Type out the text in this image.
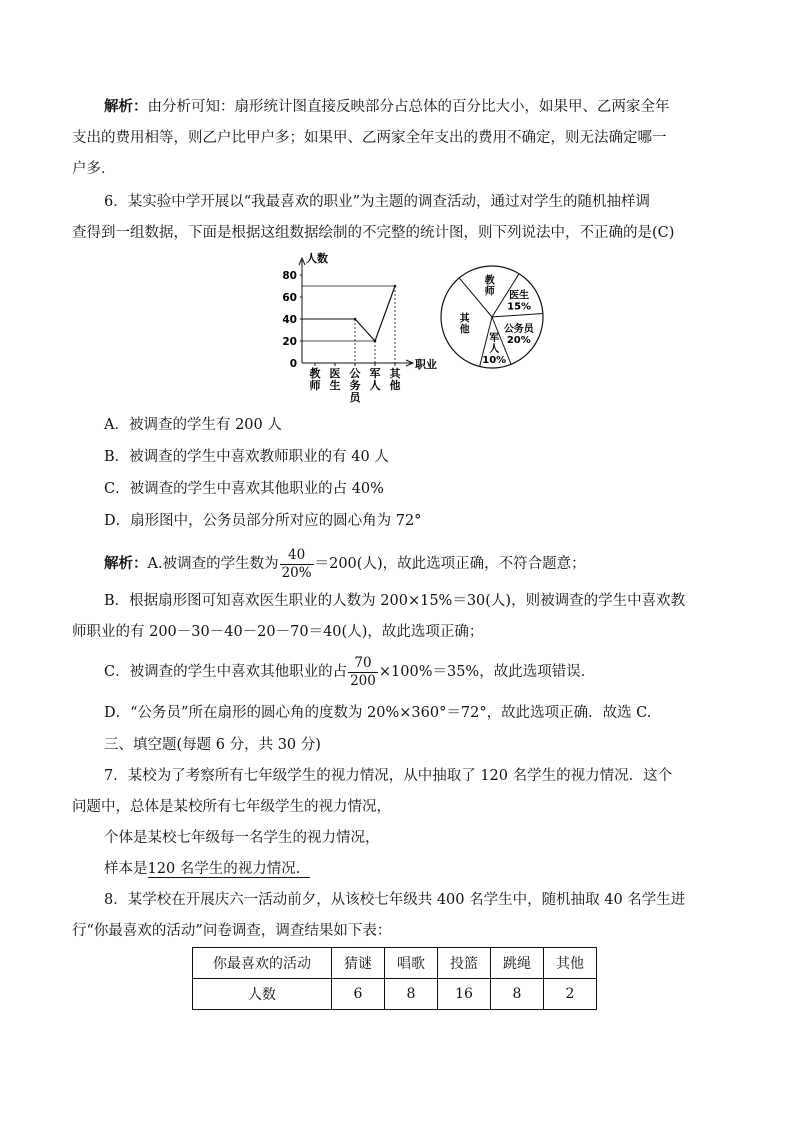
解析：由分析可知：扇形统计图直接反映部分占总体的百分比大小，如果甲、乙两家全年
支出的费用相等，则乙户比甲户多；如果甲、乙两家全年支出的费用不确定，则无法确定哪一
户多．
6．某实验中学开展以“我最喜欢的职业”为主题的调查活动，通过对学生的随机抽样调
查得到一组数据，下面是根据这组数据绘制的不完整的统计图，则下列说法中，不正确的是(C)
人数
职业
0
20
40
60
80
教
师
医
生
公
务
员
军
人
其
他
教
师 医生
15%
公务员
20%
军
人
10%
其
他
A．被调查的学生有 200 人
B．被调查的学生中喜欢教师职业的有 40 人
C．被调查的学生中喜欢其他职业的占 40%
D．扇形图中，公务员部分所对应的圆心角为 72°
解析：A.被调查的学生数为 $\frac{40}{20\%} =200$(人)，故此选项正确，不符合题意；
B．根据扇形图可知喜欢医生职业的人数为 200×15%＝30(人)，则被调查的学生中喜欢教
师职业的有 200－30－40－20－70＝40(人)，故此选项正确；
C．被调查的学生中喜欢其他职业的占 $\frac{70}{200} \times 100\%=35\%$，故此选项错误．
D．“公务员”所在扇形的圆心角的度数为 20%×360°＝72°，故此选项正确．故选 C.
三、填空题(每题 6 分，共 30 分)
7．某校为了考察所有七年级学生的视力情况，从中抽取了 120 名学生的视力情况．这个
问题中，总体是某校所有七年级学生的视力情况，
个体是某校七年级每一名学生的视力情况，
样本是120 名学生的视力情况．
8．某学校在开展庆六一活动前夕，从该校七年级共 400 名学生中，随机抽取 40 名学生进
行“你最喜欢的活动”问卷调查，调查结果如下表：
你最喜欢的活动	猜谜	唱歌	投篮	跳绳	其他
人数	6	8	16	8	2
